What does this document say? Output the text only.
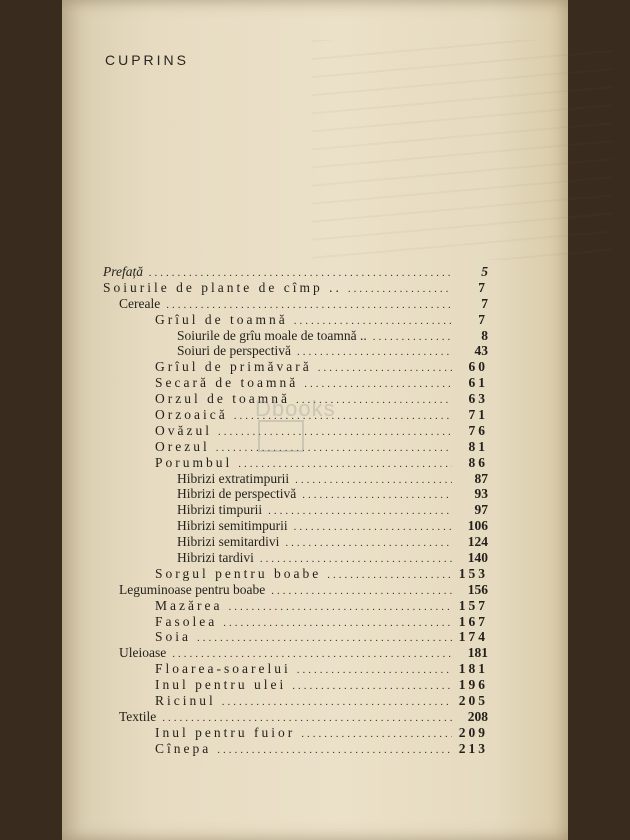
CUPRINS
Prefață .....	5
Soiurile de plante de cîmp .. .....	7
Cereale .....	7
Grîul de toamnă .....	7
Soiurile de grîu moale de toamnă .. .....	8
Soiuri de perspectivă .....	43
Grîul de primăvară .....	60
Secară de toamnă .....	61
Orzul de toamnă .....	63
Orzoaică .....	71
Ovăzul .....	76
Orezul .....	81
Porumbul .....	86
Hibrizi extratimpurii .....	87
Hibrizi de perspectivă .....	93
Hibrizi timpurii .....	97
Hibrizi semitimpurii .....	106
Hibrizi semitardivi .....	124
Hibrizi tardivi .....	140
Sorgul pentru boabe .....	153
Leguminoase pentru boabe .....	156
Mazărea .....	157
Fasolea .....	167
Soia .....	174
Uleioase .....	181
Floarea-soarelui .....	181
Inul pentru ulei .....	196
Ricinul .....	205
Textile .....	208
Inul pentru fuior .....	209
Cînepa .....	213
Dbooks
